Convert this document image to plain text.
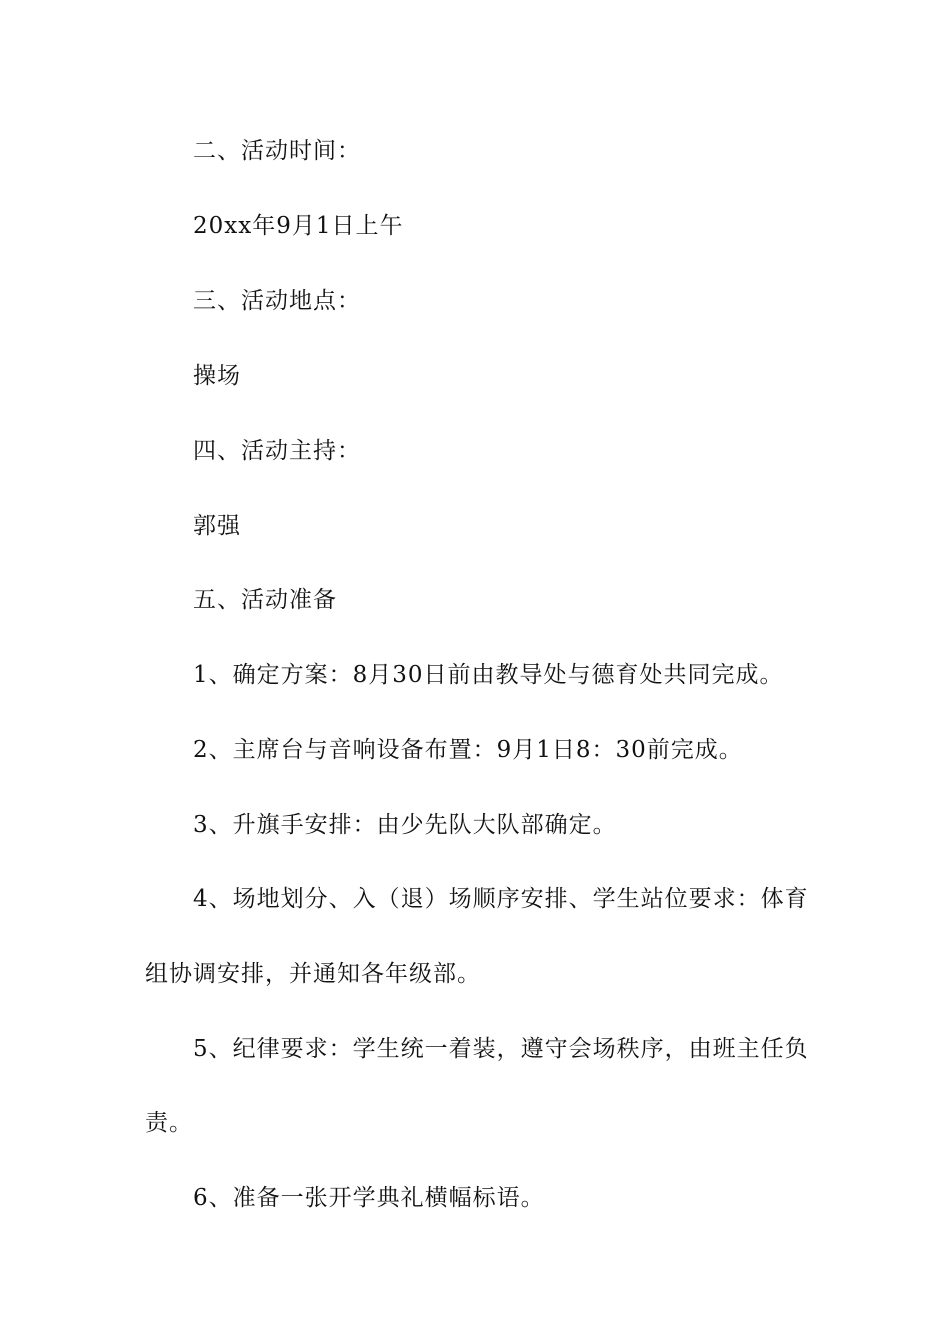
二、活动时间：
20xx年9月1日上午
三、活动地点：
操场
四、活动主持：
郭强
五、活动准备
1、确定方案：8月30日前由教导处与德育处共同完成。
2、主席台与音响设备布置：9月1日8：30前完成。
3、升旗手安排：由少先队大队部确定。
4、场地划分、入（退）场顺序安排、学生站位要求：体育
组协调安排，并通知各年级部。
5、纪律要求：学生统一着装，遵守会场秩序，由班主任负
责。
6、准备一张开学典礼横幅标语。
